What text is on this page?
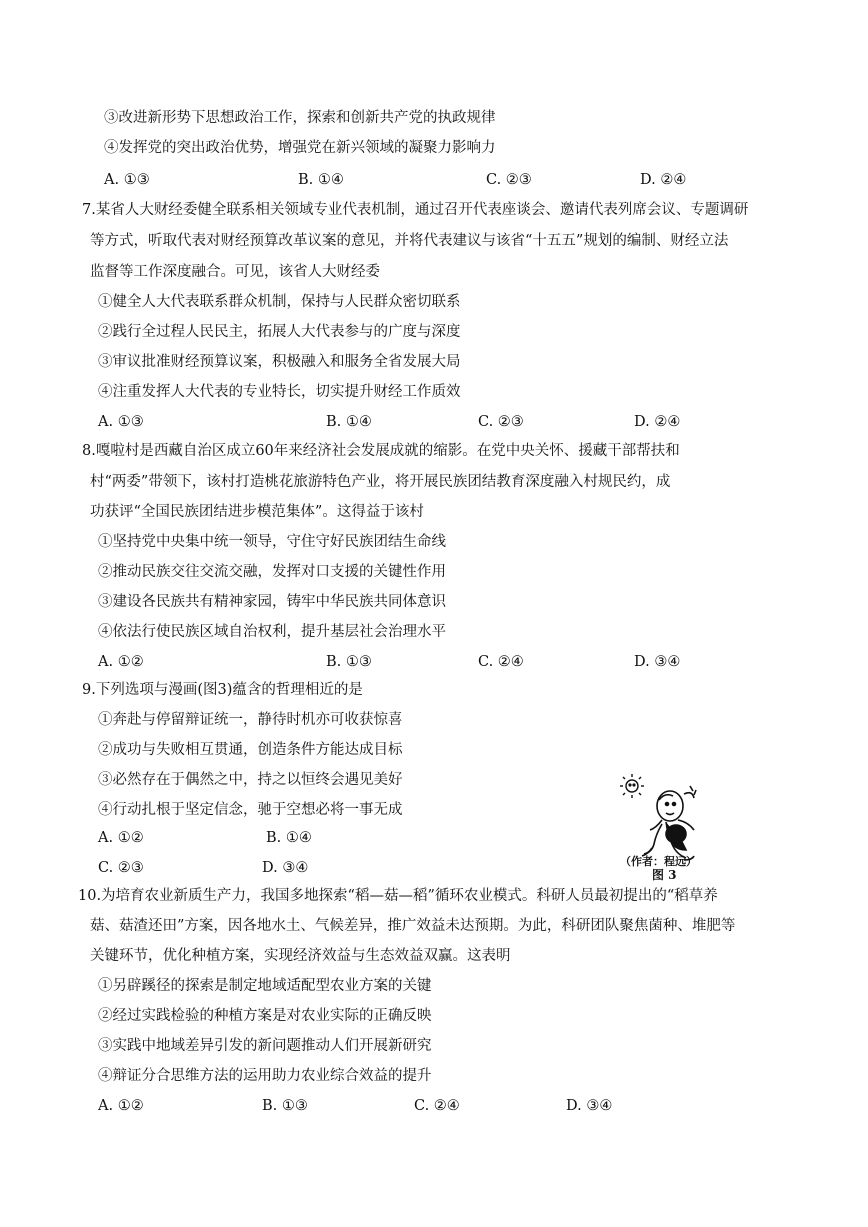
③改进新形势下思想政治工作，探索和创新共产党的执政规律
④发挥党的突出政治优势，增强党在新兴领域的凝聚力影响力
A. ①③	B. ①④	C. ②③	D. ②④
7.某省人大财经委健全联系相关领域专业代表机制，通过召开代表座谈会、邀请代表列席会议、专题调研
等方式，听取代表对财经预算改革议案的意见，并将代表建议与该省“十五五”规划的编制、财经立法
监督等工作深度融合。可见，该省人大财经委
①健全人大代表联系群众机制，保持与人民群众密切联系
②践行全过程人民民主，拓展人大代表参与的广度与深度
③审议批准财经预算议案，积极融入和服务全省发展大局
④注重发挥人大代表的专业特长，切实提升财经工作质效
A. ①③	B. ①④	C. ②③	D. ②④
8.嘎啦村是西藏自治区成立60年来经济社会发展成就的缩影。在党中央关怀、援藏干部帮扶和
村“两委”带领下，该村打造桃花旅游特色产业，将开展民族团结教育深度融入村规民约，成
功获评“全国民族团结进步模范集体”。这得益于该村
①坚持党中央集中统一领导，守住守好民族团结生命线
②推动民族交往交流交融，发挥对口支援的关键性作用
③建设各民族共有精神家园，铸牢中华民族共同体意识
④依法行使民族区域自治权利，提升基层社会治理水平
A. ①②	B. ①③	C. ②④	D. ③④
9.下列选项与漫画(图3)蕴含的哲理相近的是
①奔赴与停留辩证统一，静待时机亦可收获惊喜
②成功与失败相互贯通，创造条件方能达成目标
③必然存在于偶然之中，持之以恒终会遇见美好
④行动扎根于坚定信念，驰于空想必将一事无成
A. ①②	B. ①④
C. ②③	D. ③④	（作者：程远）
图 3
10.为培育农业新质生产力，我国多地探索“稻—菇—稻”循环农业模式。科研人员最初提出的“稻草养
菇、菇渣还田”方案，因各地水土、气候差异，推广效益未达预期。为此，科研团队聚焦菌种、堆肥等
关键环节，优化种植方案，实现经济效益与生态效益双赢。这表明
①另辟蹊径的探索是制定地域适配型农业方案的关键
②经过实践检验的种植方案是对农业实际的正确反映
③实践中地域差异引发的新问题推动人们开展新研究
④辩证分合思维方法的运用助力农业综合效益的提升
A. ①②	B. ①③	C. ②④	D. ③④
